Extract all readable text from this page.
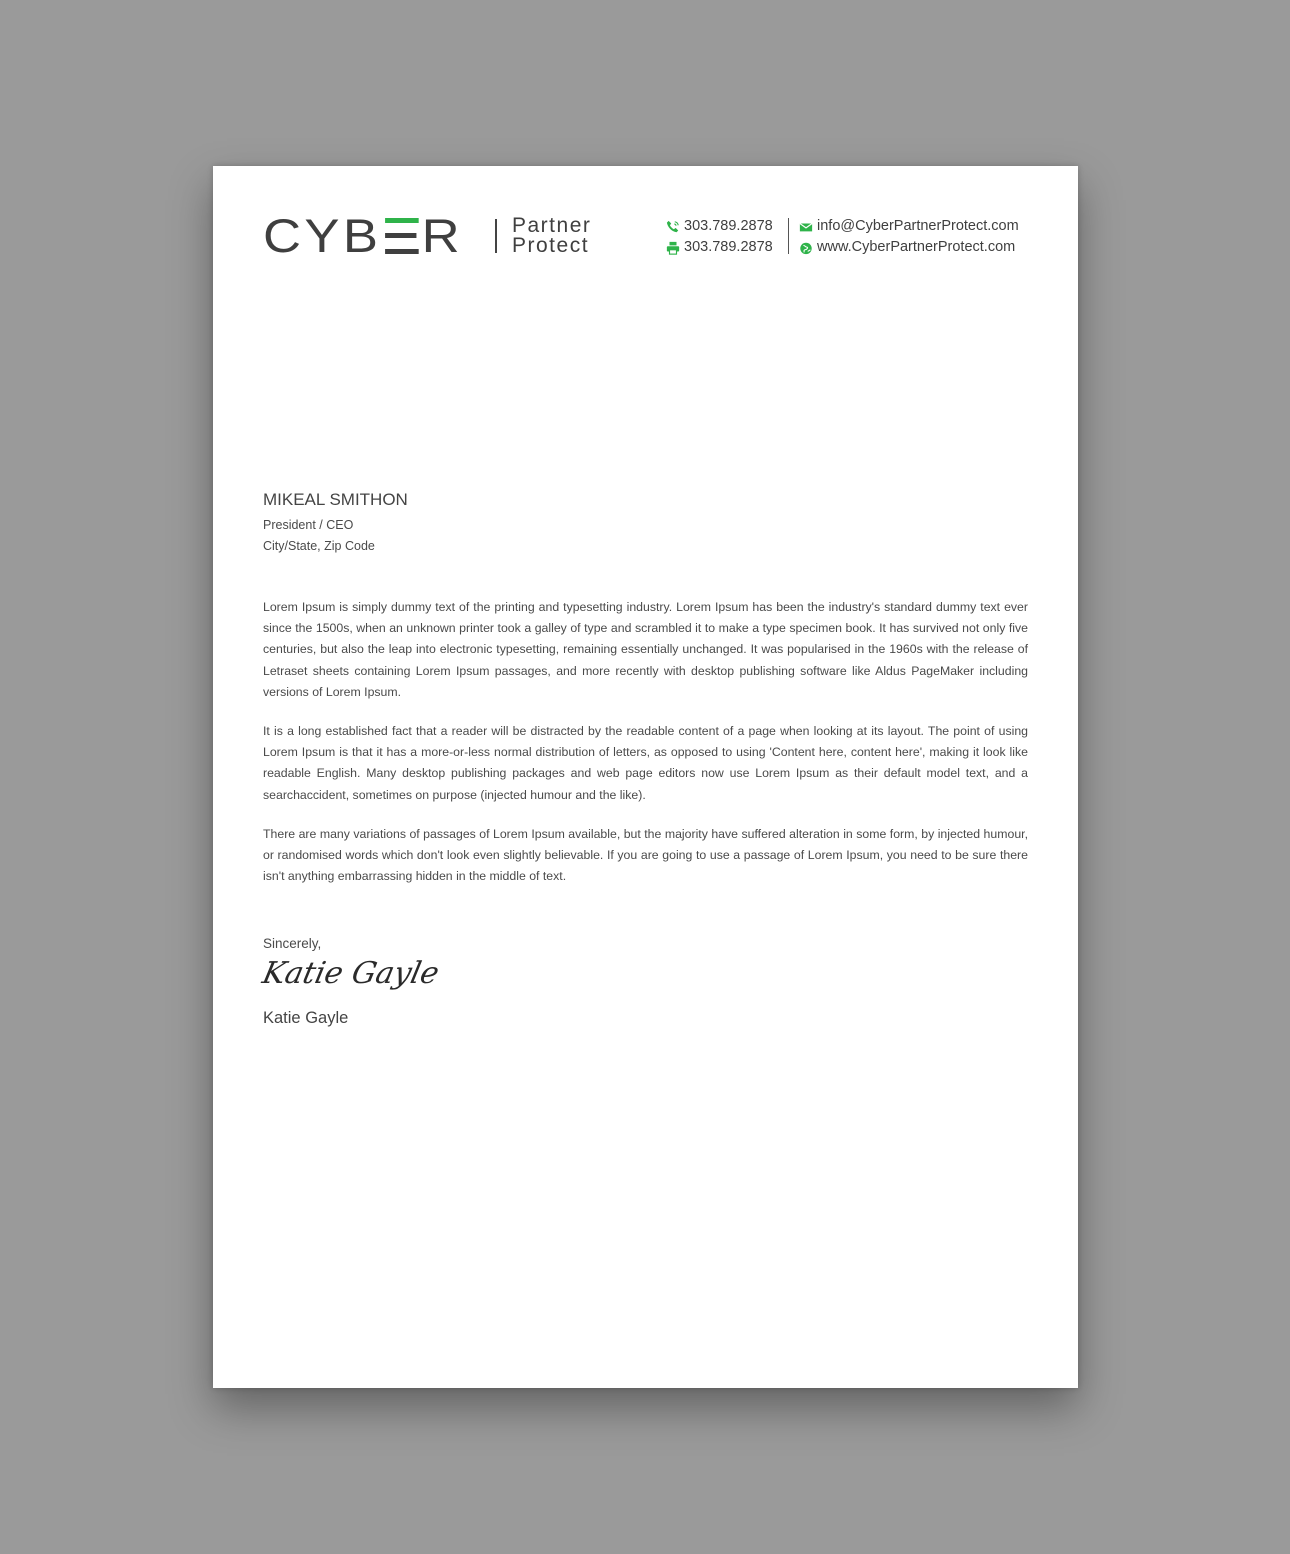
CYB R Partner
Protect
303.789.2878
303.789.2878
info@CyberPartnerProtect.com
www.CyberPartnerProtect.com
MIKEAL SMITHON
President / CEO
City/State, Zip Code

Lorem Ipsum is simply dummy text of the printing and typesetting industry. Lorem Ipsum has been the industry's standard dummy text ever since the 1500s, when an unknown printer took a galley of type and scrambled it to make a type specimen book. It has survived not only five centuries, but also the leap into electronic typesetting, remaining essentially unchanged. It was popularised in the 1960s with the release of Letraset sheets containing Lorem Ipsum passages, and more recently with desktop publishing software like Aldus PageMaker including versions of Lorem Ipsum.

It is a long established fact that a reader will be distracted by the readable content of a page when looking at its layout. The point of using Lorem Ipsum is that it has a more-or-less normal distribution of letters, as opposed to using 'Content here, content here', making it look like readable English. Many desktop publishing packages and web page editors now use Lorem Ipsum as their default model text, and a searchaccident, sometimes on purpose (injected humour and the like).

There are many variations of passages of Lorem Ipsum available, but the majority have suffered alteration in some form, by injected humour, or randomised words which don't look even slightly believable. If you are going to use a passage of Lorem Ipsum, you need to be sure there isn't anything embarrassing hidden in the middle of text.

Sincerely,
Katie Gayle
Katie Gayle
